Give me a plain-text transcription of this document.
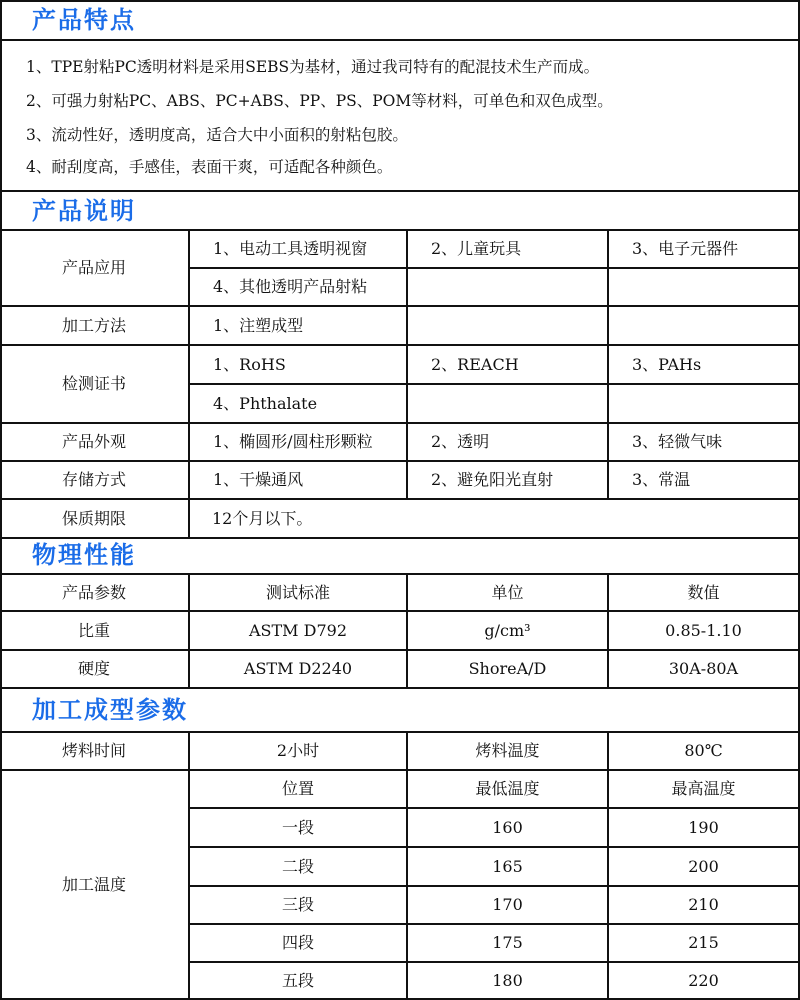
产品特点
1、TPE射粘PC透明材料是采用SEBS为基材，通过我司特有的配混技术生产而成。
2、可强力射粘PC、ABS、PC+ABS、PP、PS、POM等材料，可单色和双色成型。
3、流动性好，透明度高，适合大中小面积的射粘包胶。
4、耐刮度高，手感佳，表面干爽，可适配各种颜色。
产品说明
产品应用
1、电动工具透明视窗	2、儿童玩具	3、电子元器件
4、其他透明产品射粘
加工方法	1、注塑成型
检测证书
1、RoHS	2、REACH	3、PAHs
4、Phthalate
产品外观	1、椭圆形/圆柱形颗粒	2、透明	3、轻微气味
存储方式	1、干燥通风	2、避免阳光直射	3、常温
保质期限	12个月以下。
物理性能
产品参数	测试标准	单位	数值
比重	ASTM D792	g/cm³	0.85-1.10
硬度	ASTM D2240	ShoreA/D	30A-80A
加工成型参数
烤料时间	2小时	烤料温度	80℃
加工温度
位置	最低温度	最高温度
一段	160	190
二段	165	200
三段	170	210
四段	175	215
五段	180	220
